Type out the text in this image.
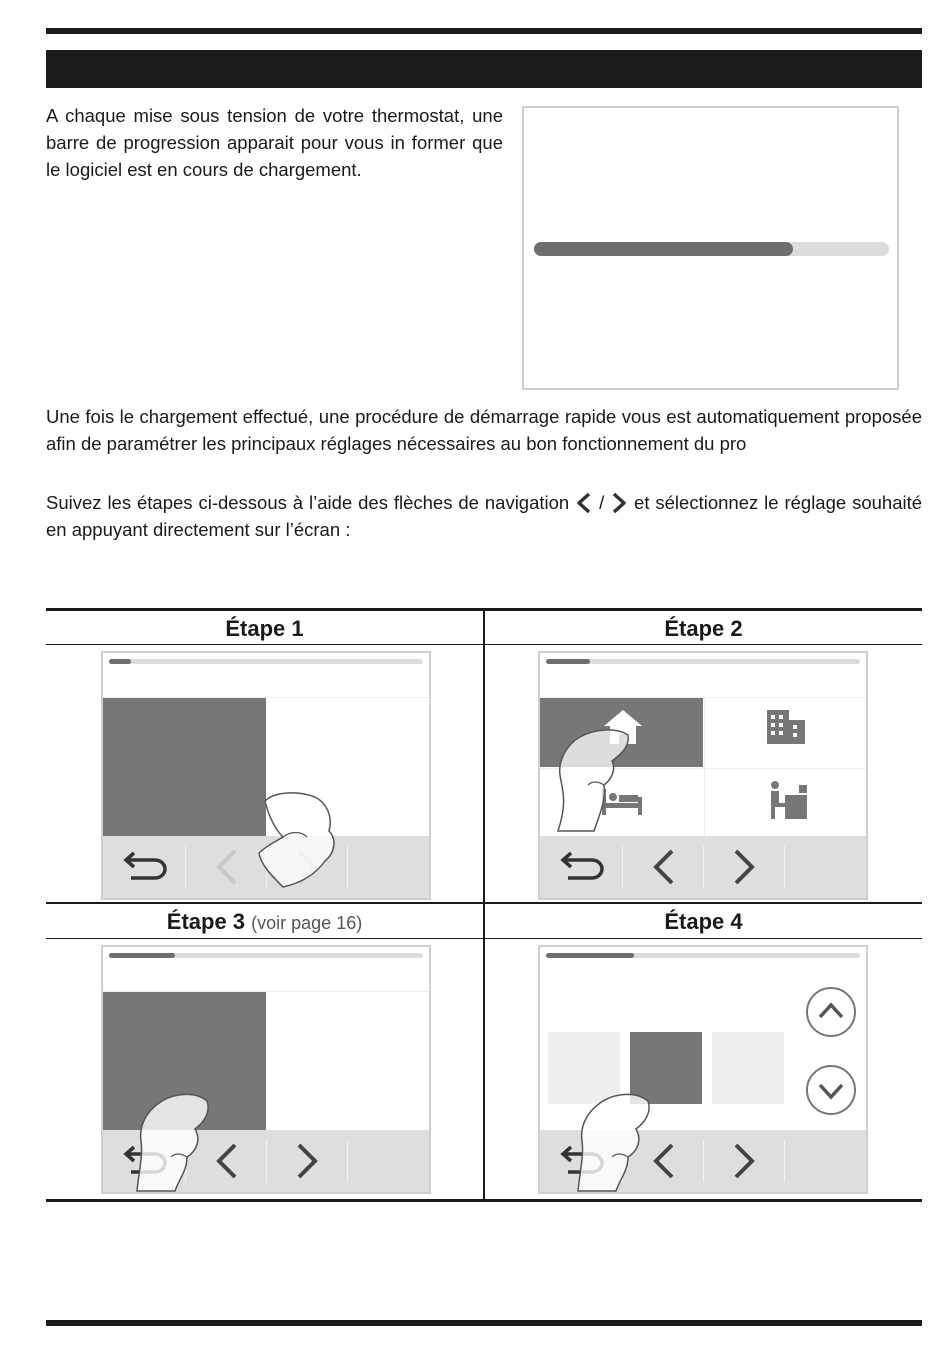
A chaque mise sous tension de votre thermostat, une barre de progression apparait pour vous in former que le logiciel est en cours de chargement.
Une fois le chargement effectué, une procédure de démarrage rapide vous est automatiquement proposée afin de paramétrer les principaux réglages nécessaires au bon fonctionnement du pro
Suivez les étapes ci-dessous à l’aide des flèches de navigation / et sélectionnez le réglage souhaité en appuyant directement sur l’écran :
Étape 1	Étape 2
Étape 3 (voir page 16)	Étape 4
